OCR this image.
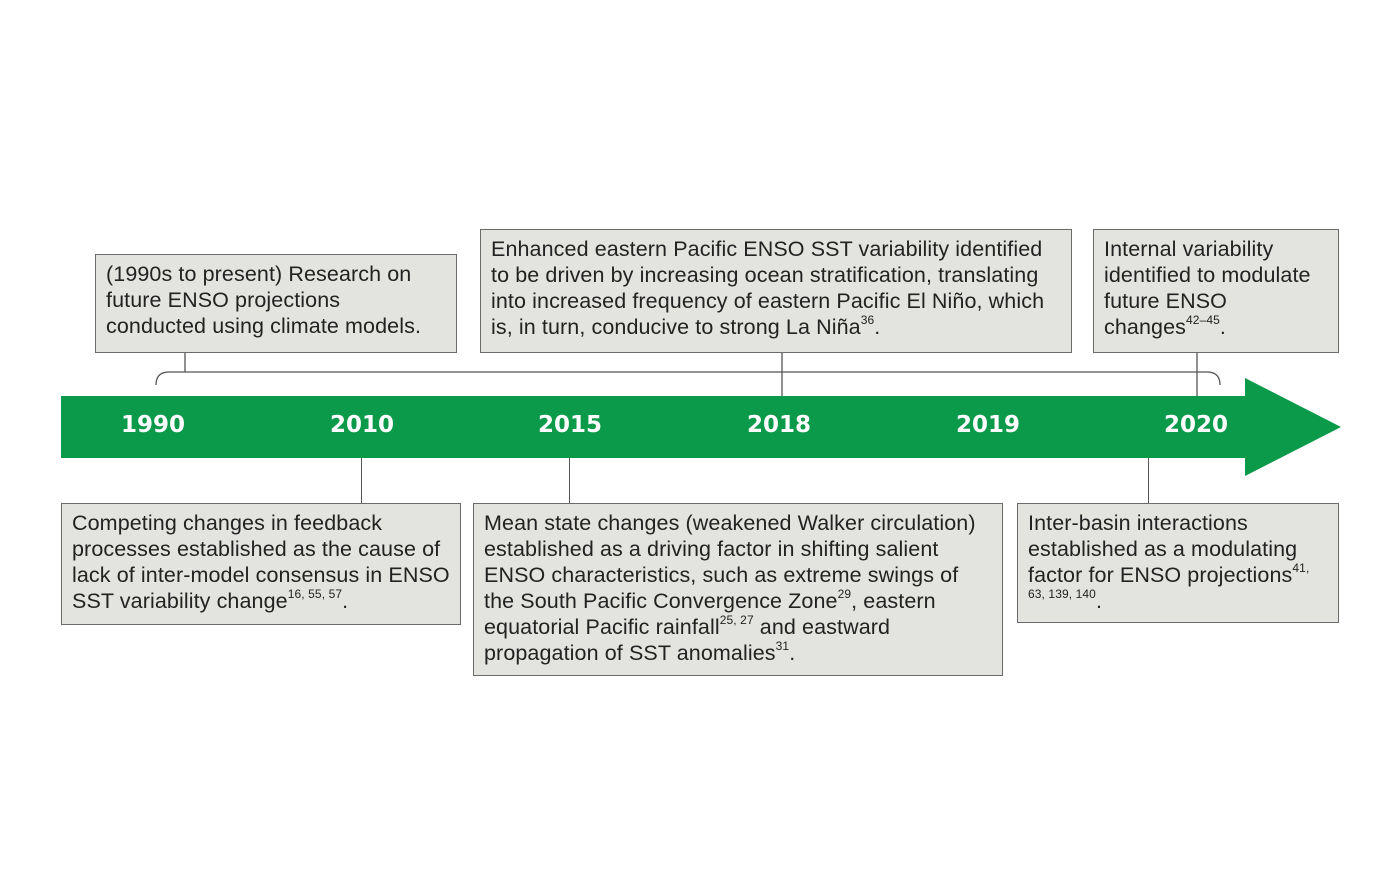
1990	2010	2015	2018	2019	2020
(1990s to present) Research on future ENSO projections conducted using climate models.
Enhanced eastern Pacific ENSO SST variability identified to be driven by increasing ocean stratification, translating into increased frequency of eastern Pacific El Niño, which is, in turn, conducive to strong La Niña$^{36}$.
Internal variability identified to modulate future ENSO changes$^{42-45}$.
Competing changes in feedback processes established as the cause of lack of inter-model consensus in ENSO SST variability change$^{16, 55, 57}$.
Mean state changes (weakened Walker circulation) established as a driving factor in shifting salient ENSO characteristics, such as extreme swings of the South Pacific Convergence Zone$^{29}$, eastern equatorial Pacific rainfall$^{25, 27}$ and eastward propagation of SST anomalies$^{31}$.
Inter-basin interactions established as a modulating factor for ENSO projections$^{41, 63, 139, 140}$.
